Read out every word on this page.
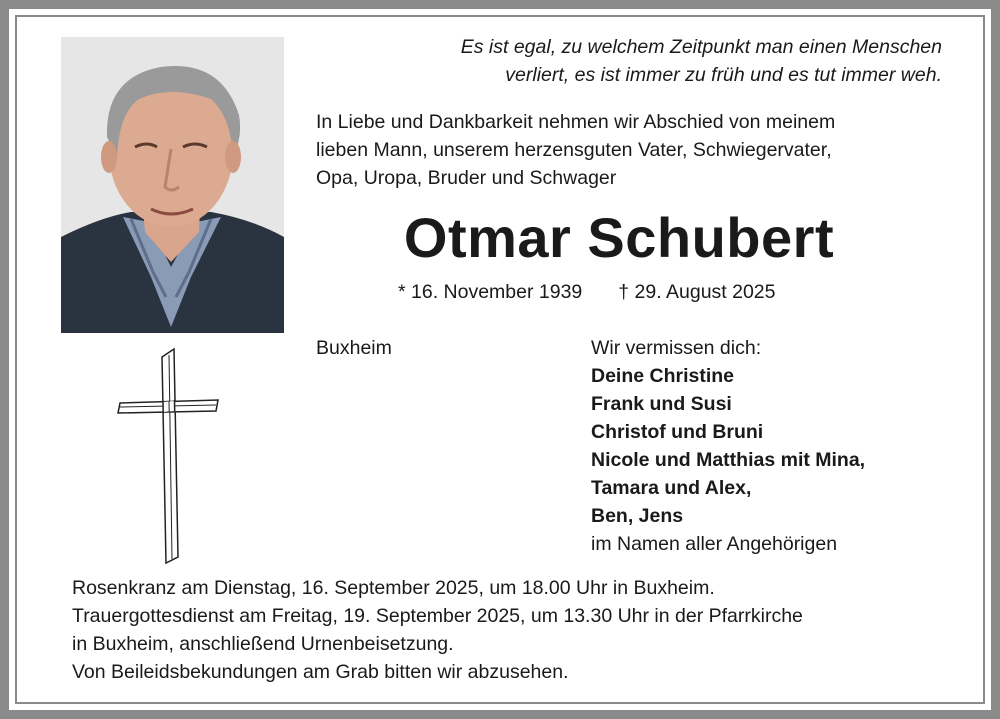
Es ist egal, zu welchem Zeitpunkt man einen Menschen
verliert, es ist immer zu früh und es tut immer weh.
In Liebe und Dankbarkeit nehmen wir Abschied von meinem
lieben Mann, unserem herzensguten Vater, Schwiegervater,
Opa, Uropa, Bruder und Schwager
Otmar Schubert
* 16. November 1939 † 29. August 2025
Buxheim	Wir vermissen dich:
Deine Christine
Frank und Susi
Christof und Bruni
Nicole und Matthias mit Mina,
Tamara und Alex,
Ben, Jens
im Namen aller Angehörigen
Rosenkranz am Dienstag, 16. September 2025, um 18.00 Uhr in Buxheim.
Trauergottesdienst am Freitag, 19. September 2025, um 13.30 Uhr in der Pfarrkirche
in Buxheim, anschließend Urnenbeisetzung.
Von Beileidsbekundungen am Grab bitten wir abzusehen.
